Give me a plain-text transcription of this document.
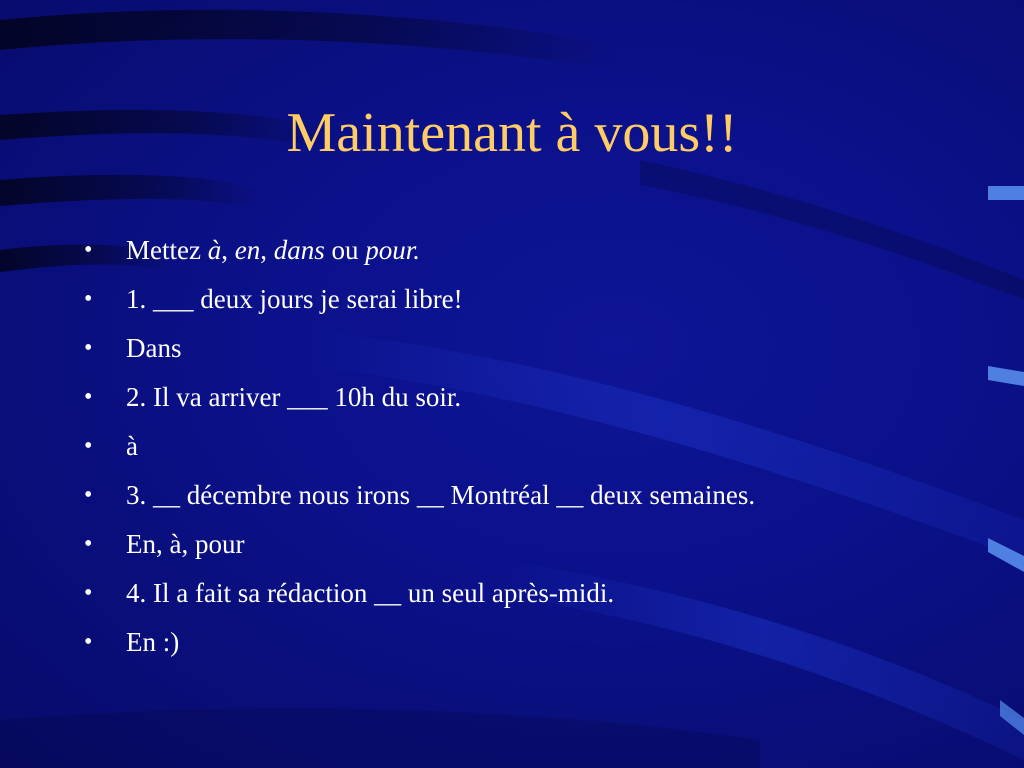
Maintenant à vous!!
• Mettez à, en, dans ou pour.
• 1. ___ deux jours je serai libre!
• Dans
• 2. Il va arriver ___ 10h du soir.
• à
• 3. __ décembre nous irons __ Montréal __ deux semaines.
• En, à, pour
• 4. Il a fait sa rédaction __ un seul après-midi.
• En :)
